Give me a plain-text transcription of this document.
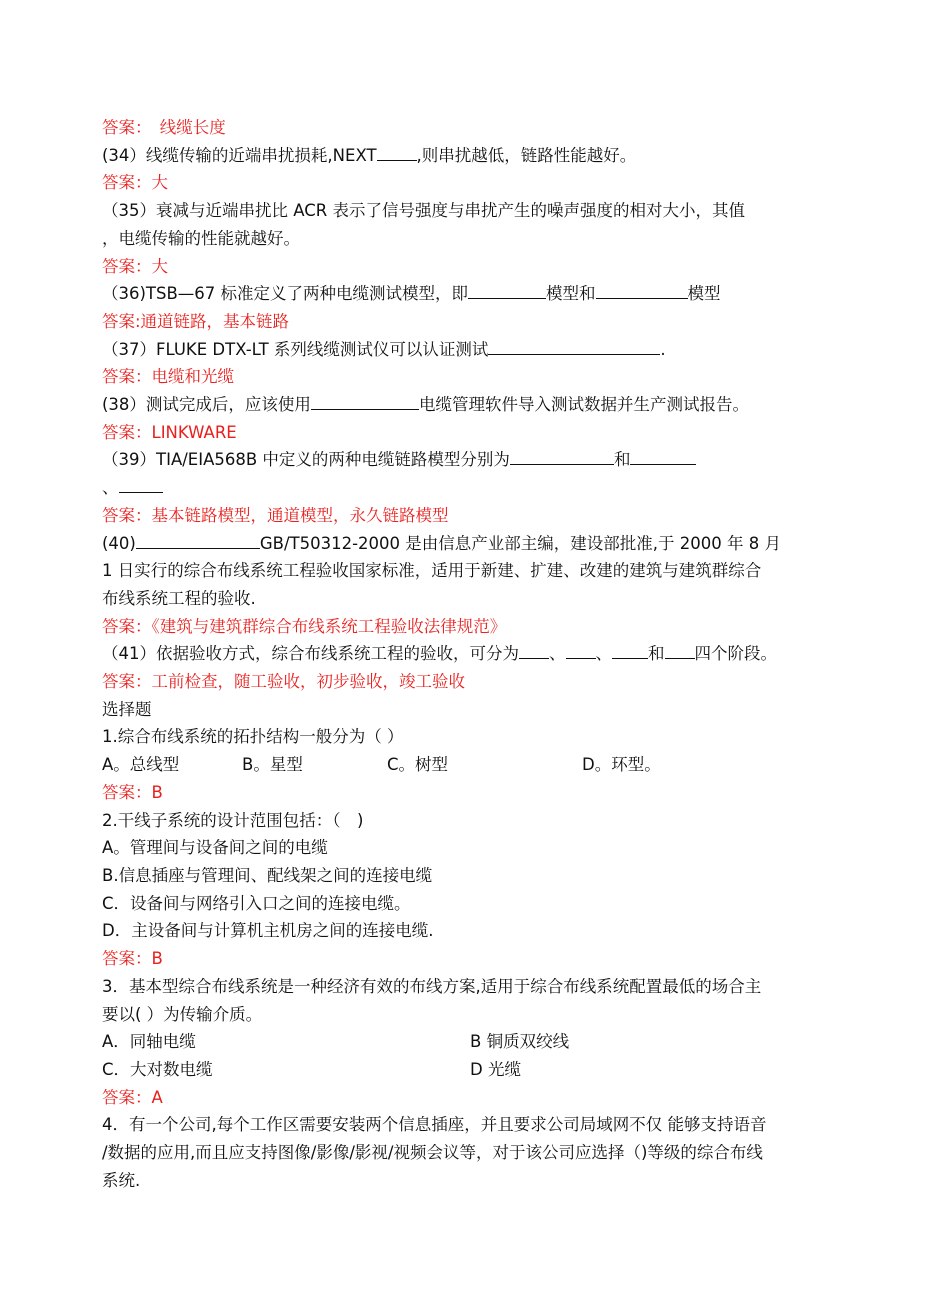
答案：　线缆长度
(34）线缆传输的近端串扰损耗,NEXT ,则串扰越低，链路性能越好。
答案：大
（35）衰减与近端串扰比 ACR 表示了信号强度与串扰产生的噪声强度的相对大小，其值
，电缆传输的性能就越好。
答案：大
（36)TSB—67 标准定义了两种电缆测试模型，即	模型和	模型
答案:通道链路，基本链路
（37）FLUKE DTX-LT 系列线缆测试仪可以认证测试	.
答案：电缆和光缆
(38）测试完成后，应该使用	电缆管理软件导入测试数据并生产测试报告。
答案：LINKWARE
（39）TIA/EIA568B 中定义的两种电缆链路模型分别为	和
、
答案：基本链路模型，通道模型，永久链路模型
(40)	GB/T50312-2000 是由信息产业部主编，建设部批准,于 2000 年 8 月
1 日实行的综合布线系统工程验收国家标准，适用于新建、扩建、改建的建筑与建筑群综合
布线系统工程的验收.
答案：《建筑与建筑群综合布线系统工程验收法律规范》
（41）依据验收方式，综合布线系统工程的验收，可分为 、 、 和 四个阶段。
答案：工前检查，随工验收，初步验收，竣工验收
选择题
1.综合布线系统的拓扑结构一般分为（ ）
A。总线型	B。星型	C。树型	D。环型。
答案：B
2.干线子系统的设计范围包括：（　)
A。管理间与设备间之间的电缆
B.信息插座与管理间、配线架之间的连接电缆
C．设备间与网络引入口之间的连接电缆。
D．主设备间与计算机主机房之间的连接电缆.
答案：B
3．基本型综合布线系统是一种经济有效的布线方案,适用于综合布线系统配置最低的场合主
要以( ）为传输介质。
A．同轴电缆	B 铜质双绞线
C．大对数电缆	D 光缆
答案：A
4．有一个公司,每个工作区需要安装两个信息插座，并且要求公司局域网不仅 能够支持语音
/数据的应用,而且应支持图像/影像/影视/视频会议等，对于该公司应选择（)等级的综合布线
系统.
